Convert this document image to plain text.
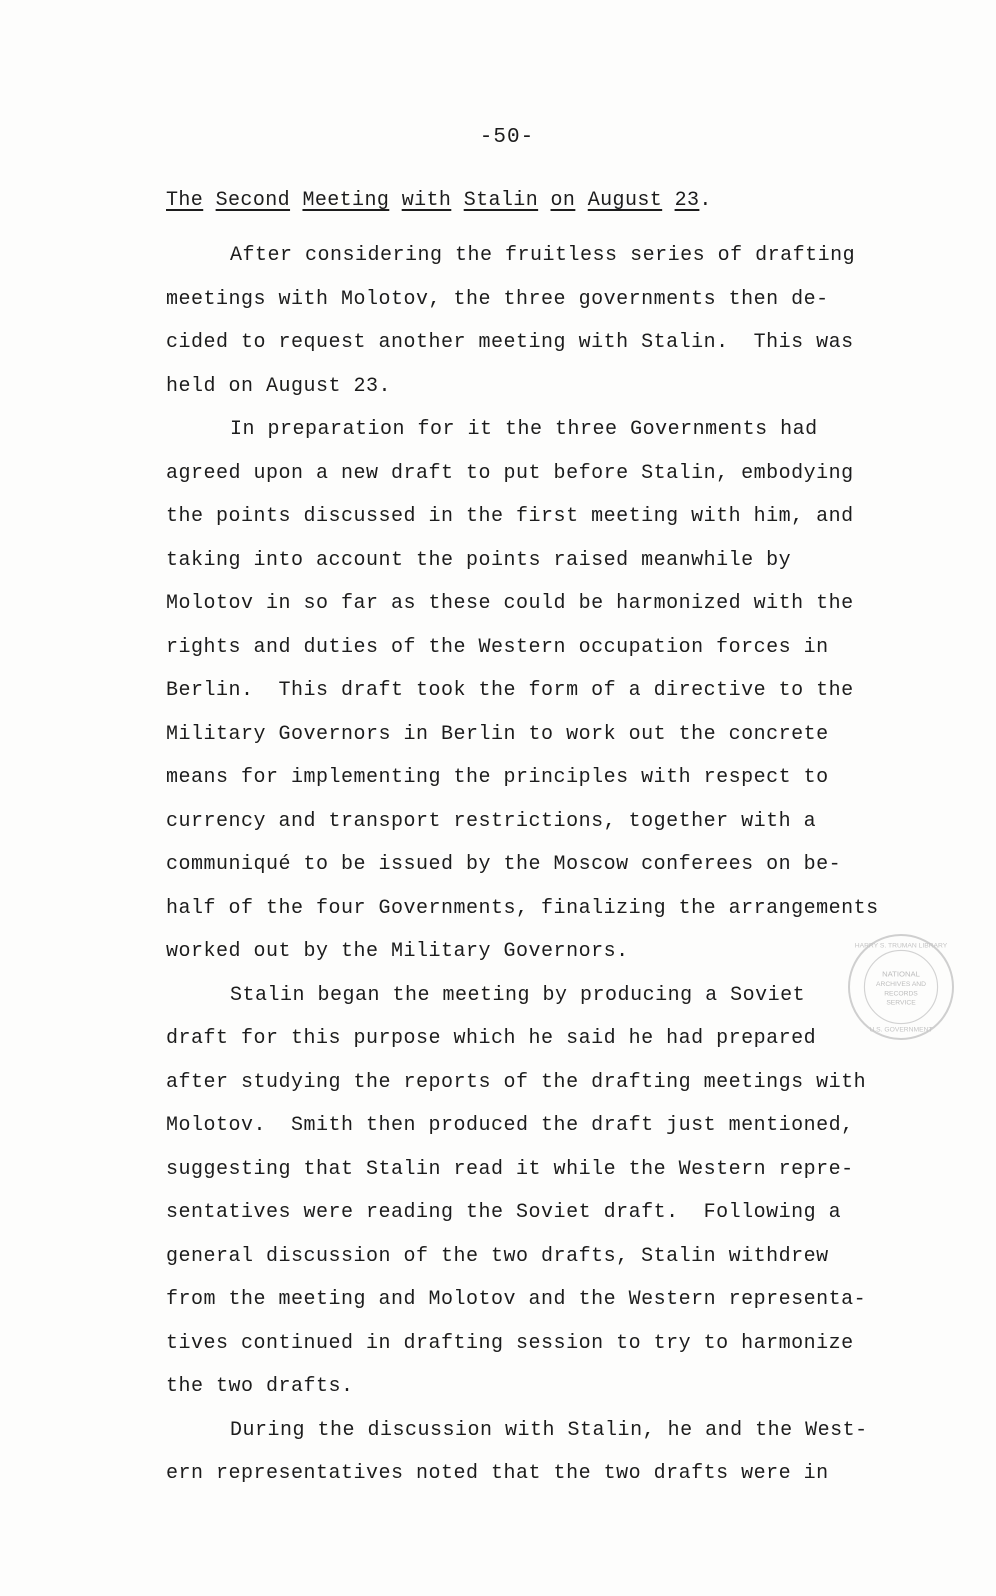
-50-
The Second Meeting with Stalin on August 23.
After considering the fruitless series of drafting
meetings with Molotov, the three governments then de-
cided to request another meeting with Stalin.  This was
held on August 23.
In preparation for it the three Governments had
agreed upon a new draft to put before Stalin, embodying
the points discussed in the first meeting with him, and
taking into account the points raised meanwhile by
Molotov in so far as these could be harmonized with the
rights and duties of the Western occupation forces in
Berlin.  This draft took the form of a directive to the
Military Governors in Berlin to work out the concrete
means for implementing the principles with respect to
currency and transport restrictions, together with a
communiqué to be issued by the Moscow conferees on be-
half of the four Governments, finalizing the arrangements
worked out by the Military Governors.
Stalin began the meeting by producing a Soviet
draft for this purpose which he said he had prepared
after studying the reports of the drafting meetings with
Molotov.  Smith then produced the draft just mentioned,
suggesting that Stalin read it while the Western repre-
sentatives were reading the Soviet draft.  Following a
general discussion of the two drafts, Stalin withdrew
from the meeting and Molotov and the Western representa-
tives continued in drafting session to try to harmonize
the two drafts.
During the discussion with Stalin, he and the West-
ern representatives noted that the two drafts were in
NATIONAL
ARCHIVES AND
RECORDS
SERVICE
HARRY S. TRUMAN LIBRARY
U.S. GOVERNMENT
